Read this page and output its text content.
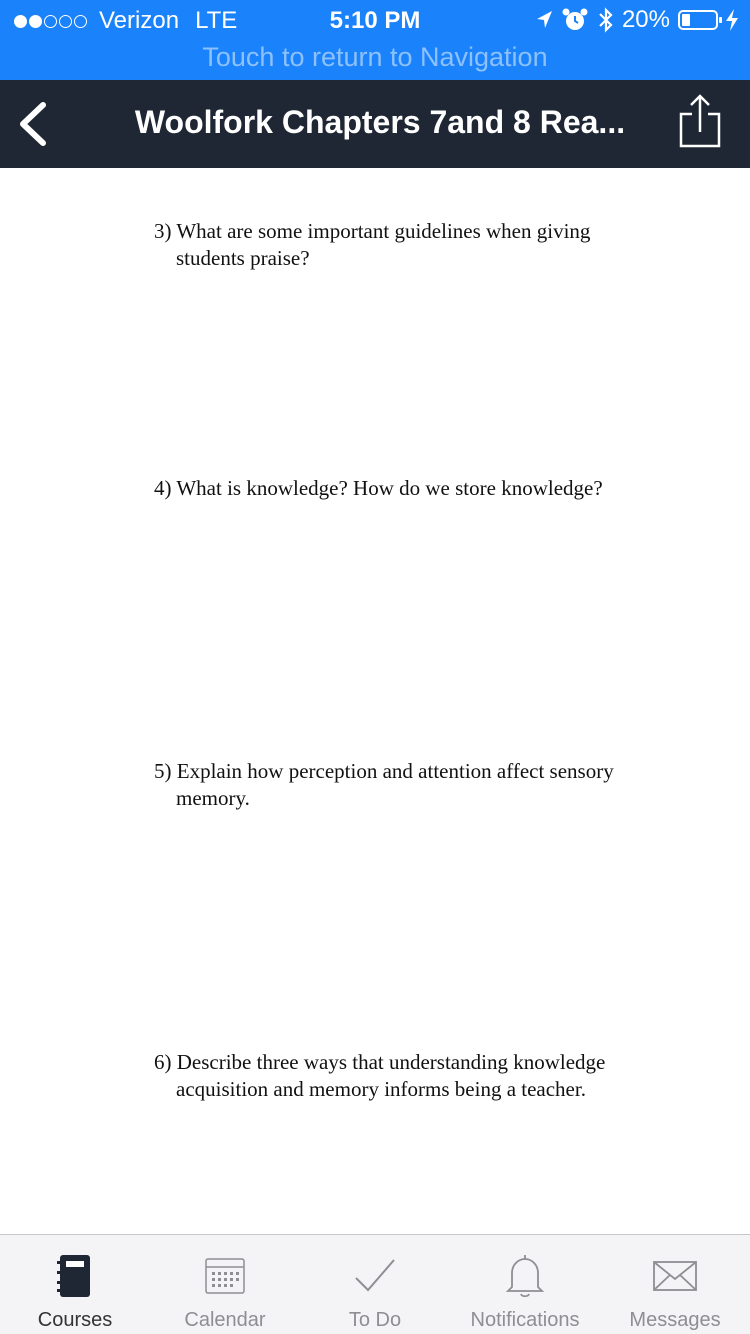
Verizon LTE	5:10 PM	20%
Touch to return to Navigation
Woolfork Chapters 7and 8 Rea...
3) What are some important guidelines when giving
students praise?
4) What is knowledge? How do we store knowledge?
5) Explain how perception and attention affect sensory
memory.
6) Describe three ways that understanding knowledge
acquisition and memory informs being a teacher.
Courses	Calendar	To Do	Notifications	Messages
